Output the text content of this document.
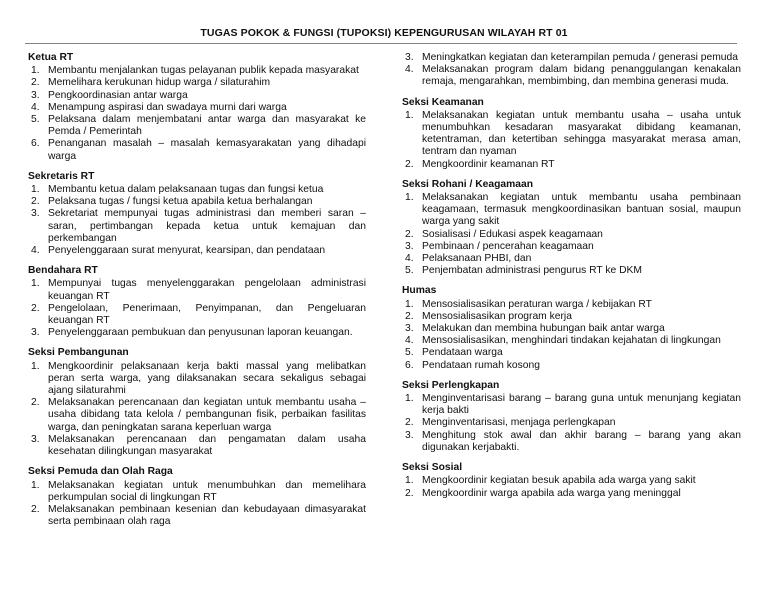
TUGAS POKOK & FUNGSI (TUPOKSI) KEPENGURUSAN WILAYAH RT 01
Ketua RT
1. Membantu menjalankan tugas pelayanan publik kepada masyarakat
2. Memelihara kerukunan hidup warga / silaturahim
3. Pengkoordinasian antar warga
4. Menampung aspirasi dan swadaya murni dari warga
5. Pelaksana dalam menjembatani antar warga dan masyarakat ke Pemda / Pemerintah
6. Penanganan masalah – masalah kemasyarakatan yang dihadapi warga
Sekretaris RT
1. Membantu ketua dalam pelaksanaan tugas dan fungsi ketua
2. Pelaksana tugas / fungsi ketua apabila ketua berhalangan
3. Sekretariat mempunyai tugas administrasi dan memberi saran – saran, pertimbangan kepada ketua untuk kemajuan dan perkembangan
4. Penyelenggaraan surat menyurat, kearsipan, dan pendataan
Bendahara RT
1. Mempunyai tugas menyelenggarakan pengelolaan administrasi keuangan RT
2. Pengelolaan, Penerimaan, Penyimpanan, dan Pengeluaran keuangan RT
3. Penyelenggaraan pembukuan dan penyusunan laporan keuangan.
Seksi Pembangunan
1. Mengkoordinir pelaksanaan kerja bakti massal yang melibatkan peran serta warga, yang dilaksanakan secara sekaligus sebagai ajang silaturahmi
2. Melaksanakan perencanaan dan kegiatan untuk membantu usaha – usaha dibidang tata kelola / pembangunan fisik, perbaikan fasilitas warga, dan peningkatan sarana keperluan warga
3. Melaksanakan perencanaan dan pengamatan dalam usaha kesehatan dilingkungan masyarakat
Seksi Pemuda dan Olah Raga
1. Melaksanakan kegiatan untuk menumbuhkan dan memelihara perkumpulan social di lingkungan RT
2. Melaksanakan pembinaan kesenian dan kebudayaan dimasyarakat serta pembinaan olah raga
3. Meningkatkan kegiatan dan keterampilan pemuda / generasi pemuda
4. Melaksanakan program dalam bidang penanggulangan kenakalan remaja, mengarahkan, membimbing, dan membina generasi muda.
Seksi Keamanan
1. Melaksanakan kegiatan untuk membantu usaha – usaha untuk menumbuhkan kesadaran masyarakat dibidang keamanan, ketentraman, dan ketertiban sehingga masyarakat merasa aman, tentram dan nyaman
2. Mengkoordinir keamanan RT
Seksi Rohani / Keagamaan
1. Melaksanakan kegiatan untuk membantu usaha pembinaan keagamaan, termasuk mengkoordinasikan bantuan sosial, maupun warga yang sakit
2. Sosialisasi / Edukasi aspek keagamaan
3. Pembinaan / pencerahan keagamaan
4. Pelaksanaan PHBI, dan
5. Penjembatan administrasi pengurus RT ke DKM
Humas
1. Mensosialisasikan peraturan warga / kebijakan RT
2. Mensosialisasikan program kerja
3. Melakukan dan membina hubungan baik antar warga
4. Mensosialisasikan, menghindari tindakan kejahatan di lingkungan
5. Pendataan warga
6. Pendataan rumah kosong
Seksi Perlengkapan
1. Menginventarisasi barang – barang guna untuk menunjang kegiatan kerja bakti
2. Menginventarisasi, menjaga perlengkapan
3. Menghitung stok awal dan akhir barang – barang yang akan digunakan kerjabakti.
Seksi Sosial
1. Mengkoordinir kegiatan besuk apabila ada warga yang sakit
2. Mengkoordinir warga apabila ada warga yang meninggal
